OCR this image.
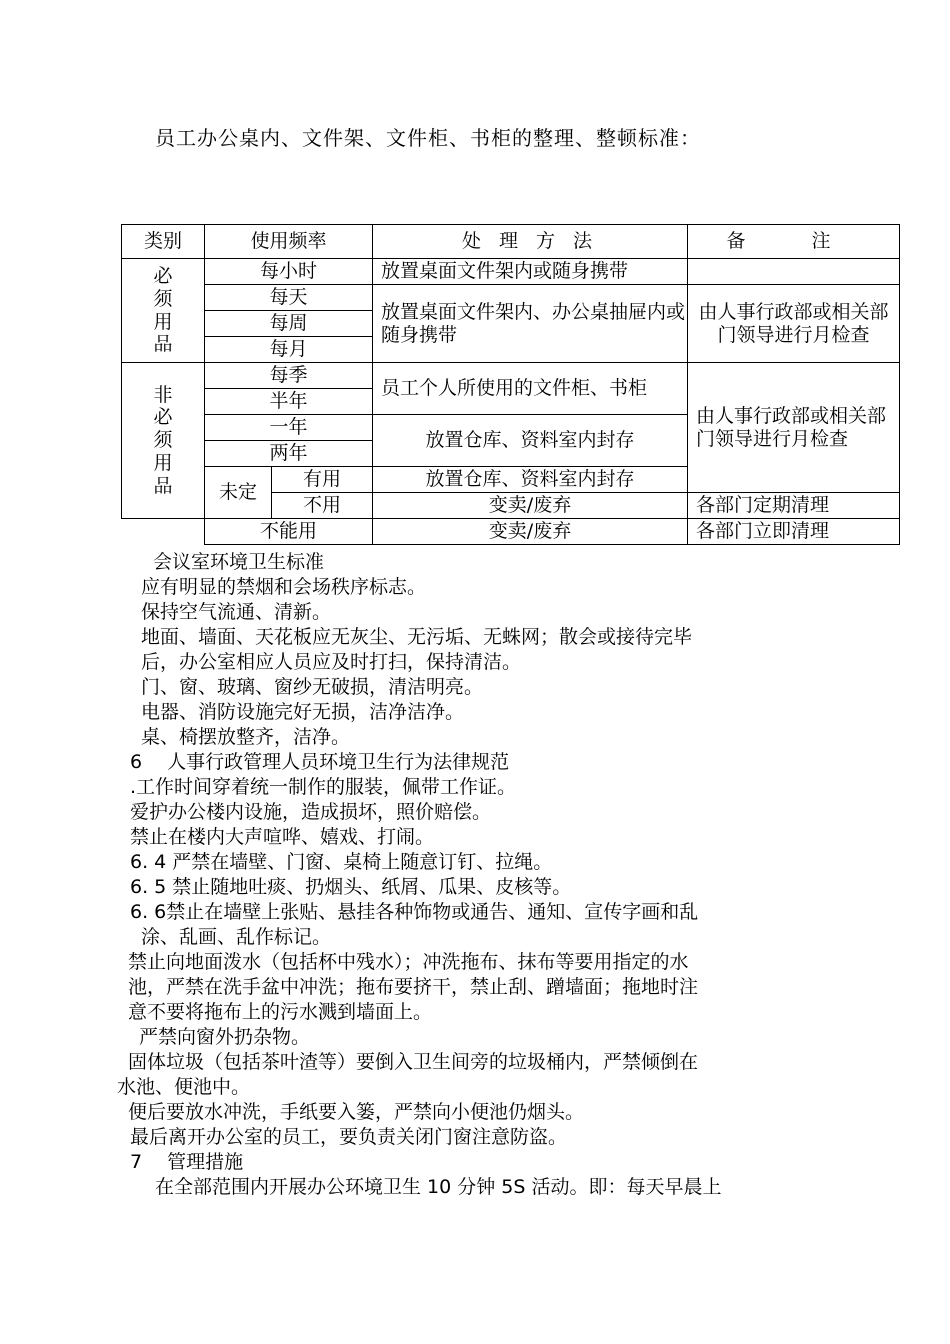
员工办公桌内、文件架、文件柜、书柜的整理、整顿标准：
类别	使用频率		处 理 方 法	备 注
必须用品	每小时		放置桌面文件架内或随身携带	
	每天		放置桌面文件架内、办公桌抽屉内或随身携带	由人事行政部或相关部门领导进行月检查
	每周			
	每月			
非必须用品	每季		员工个人所使用的文件柜、书柜	由人事行政部或相关部门领导进行月检查
	半年			
	一年		放置仓库、资料室内封存	
	两年			
	未定	有用	放置仓库、资料室内封存	
		不用	变卖/废弃	各部门定期清理
	不能用		变卖/废弃	各部门立即清理
会议室环境卫生标准
应有明显的禁烟和会场秩序标志。
保持空气流通、清新。
地面、墙面、天花板应无灰尘、无污垢、无蛛网；散会或接待完毕
后，办公室相应人员应及时打扫，保持清洁。
门、窗、玻璃、窗纱无破损，清洁明亮。
电器、消防设施完好无损，洁净洁净。
桌、椅摆放整齐，洁净。
6　 人事行政管理人员环境卫生行为法律规范
.工作时间穿着统一制作的服装，佩带工作证。
爱护办公楼内设施，造成损坏，照价赔偿。
禁止在楼内大声喧哗、嬉戏、打闹。
6. 4 严禁在墙壁、门窗、桌椅上随意订钉、拉绳。
6. 5 禁止随地吐痰、扔烟头、纸屑、瓜果、皮核等。
6. 6禁止在墙壁上张贴、悬挂各种饰物或通告、通知、宣传字画和乱
涂、乱画、乱作标记。
禁止向地面泼水（包括杯中残水）；冲洗拖布、抹布等要用指定的水
池，严禁在洗手盆中冲洗；拖布要挤干，禁止刮、蹭墙面；拖地时注
意不要将拖布上的污水溅到墙面上。
严禁向窗外扔杂物。
固体垃圾（包括茶叶渣等）要倒入卫生间旁的垃圾桶内，严禁倾倒在
水池、便池中。
便后要放水冲洗，手纸要入篓，严禁向小便池仍烟头。
最后离开办公室的员工，要负责关闭门窗注意防盗。
7　 管理措施
在全部范围内开展办公环境卫生 10 分钟 5S 活动。即：每天早晨上
